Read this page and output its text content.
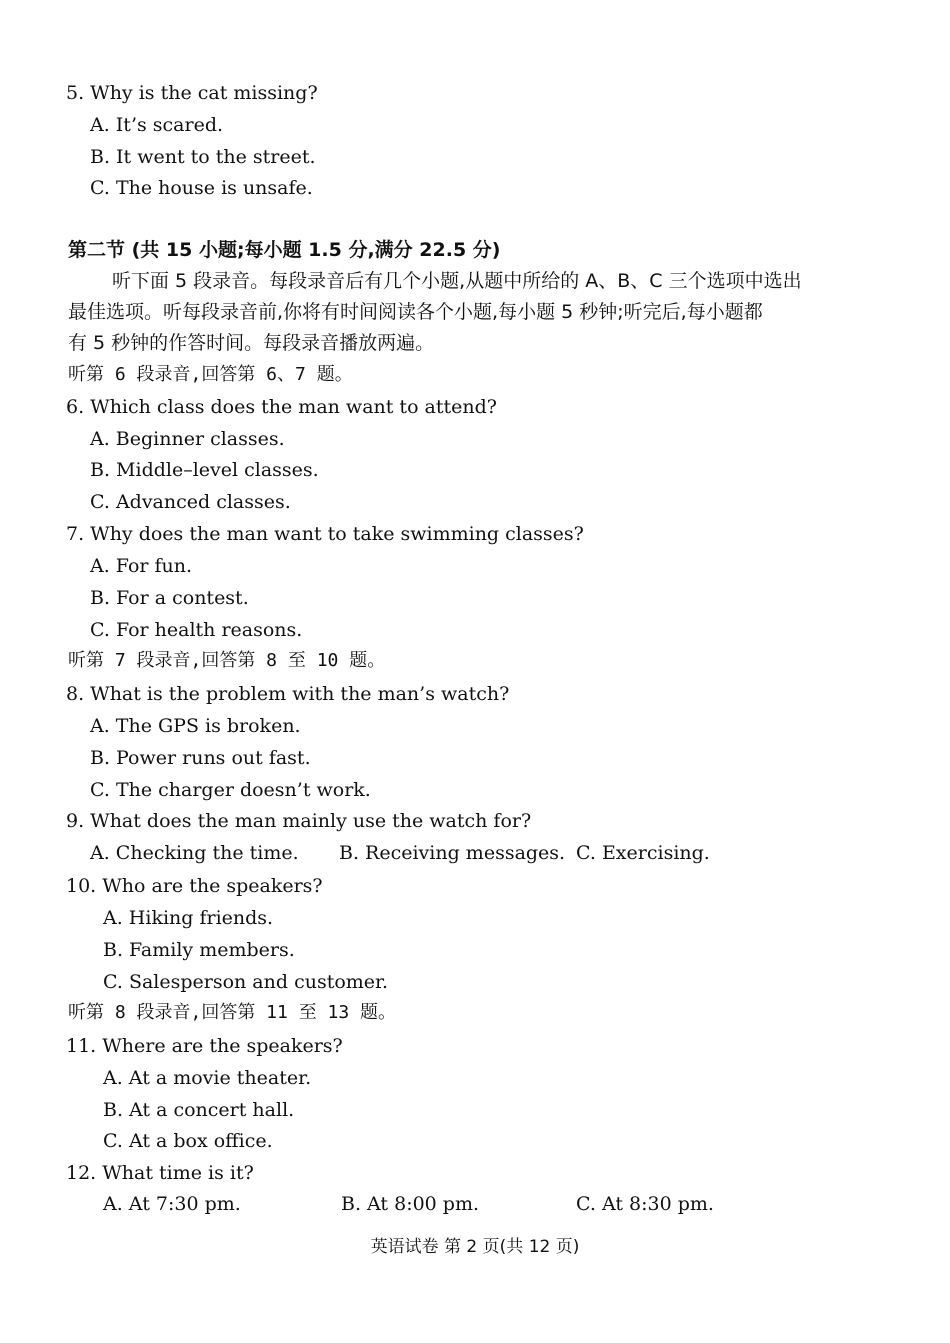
5. Why is the cat missing?
A. It’s scared.
B. It went to the street.
C. The house is unsafe.
第二节 (共 15 小题;每小题 1.5 分,满分 22.5 分)
听下面 5 段录音。每段录音后有几个小题,从题中所给的 A、B、C 三个选项中选出
最佳选项。听每段录音前,你将有时间阅读各个小题,每小题 5 秒钟;听完后,每小题都
有 5 秒钟的作答时间。每段录音播放两遍。
听第 6 段录音,回答第 6、7 题。
6. Which class does the man want to attend?
A. Beginner classes.
B. Middle–level classes.
C. Advanced classes.
7. Why does the man want to take swimming classes?
A. For fun.
B. For a contest.
C. For health reasons.
听第 7 段录音,回答第 8 至 10 题。
8. What is the problem with the man’s watch?
A. The GPS is broken.
B. Power runs out fast.
C. The charger doesn’t work.
9. What does the man mainly use the watch for?
A. Checking the time. B. Receiving messages. C. Exercising.
10. Who are the speakers?
A. Hiking friends.
B. Family members.
C. Salesperson and customer.
听第 8 段录音,回答第 11 至 13 题。
11. Where are the speakers?
A. At a movie theater.
B. At a concert hall.
C. At a box office.
12. What time is it?
A. At 7:30 pm.	B. At 8:00 pm.	C. At 8:30 pm.
英语试卷 第 2 页(共 12 页)
